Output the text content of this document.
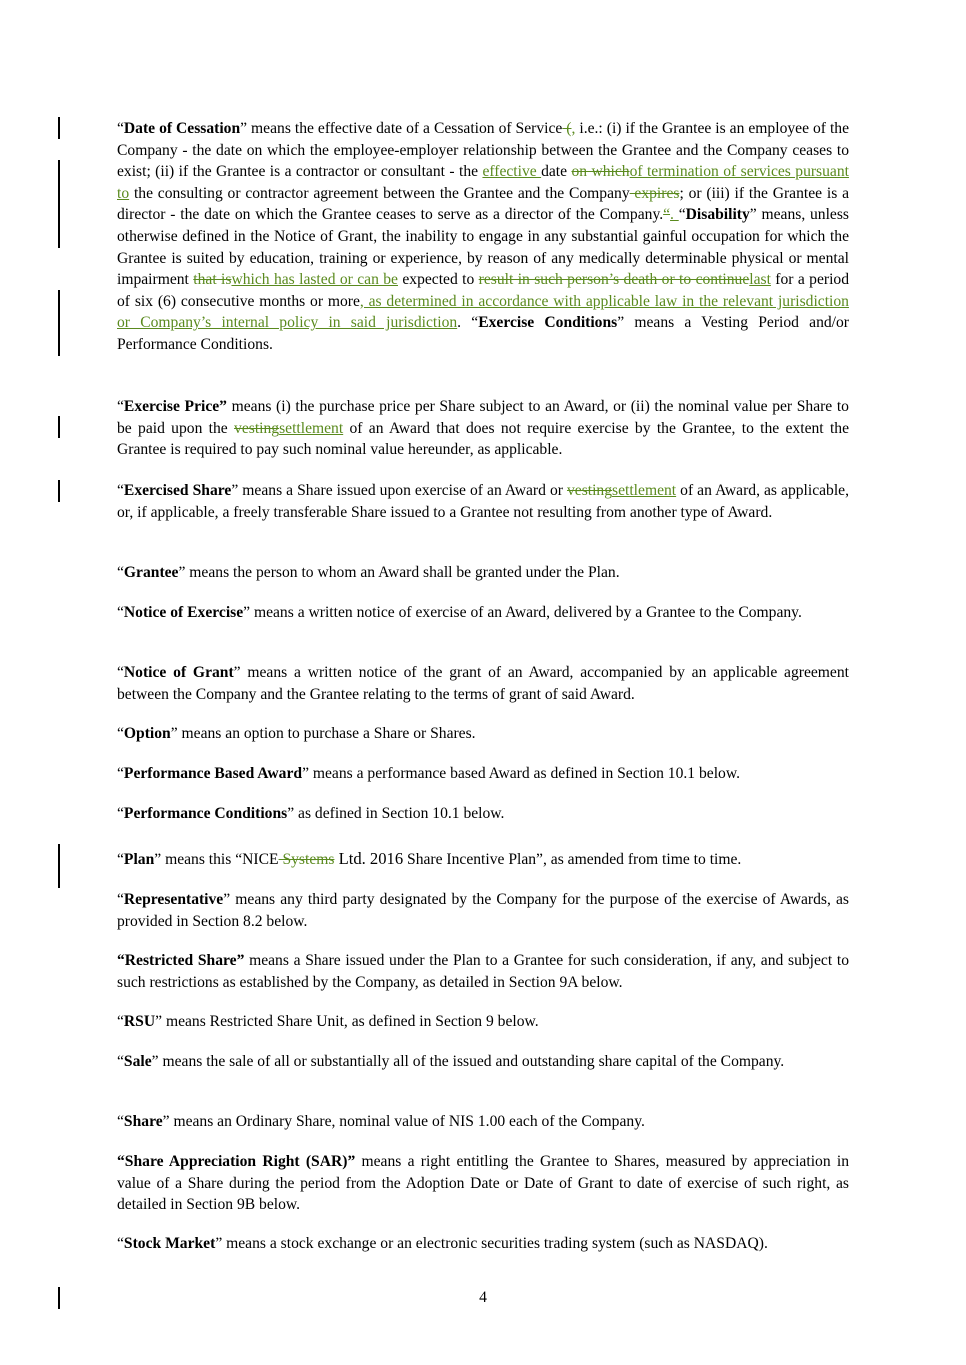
“Date of Cessation” means the effective date of a Cessation of Service (, i.e.: (i) if the Grantee is an employee of the Company - the date on which the employee-employer relationship between the Grantee and the Company ceases to exist; (ii) if the Grantee is a contractor or consultant - the effective date on whichof termination of services pursuant to the consulting or contractor agreement between the Grantee and the Company expires; or (iii) if the Grantee is a director - the date on which the Grantee ceases to serve as a director of the Company.“. “Disability” means, unless otherwise defined in the Notice of Grant, the inability to engage in any substantial gainful occupation for which the Grantee is suited by education, training or experience, by reason of any medically determinable physical or mental impairment that iswhich has lasted or can be expected to result in such person’s death or to continuelast for a period of six (6) consecutive months or more, as determined in accordance with applicable law in the relevant jurisdiction or Company’s internal policy in said jurisdiction. “Exercise Conditions” means a Vesting Period and/or Performance Conditions.

“Exercise Price” means (i) the purchase price per Share subject to an Award, or (ii) the nominal value per Share to be paid upon the vestingsettlement of an Award that does not require exercise by the Grantee, to the extent the Grantee is required to pay such nominal value hereunder, as applicable.

“Exercised Share” means a Share issued upon exercise of an Award or vestingsettlement of an Award, as applicable, or, if applicable, a freely transferable Share issued to a Grantee not resulting from another type of Award.

“Grantee” means the person to whom an Award shall be granted under the Plan.

“Notice of Exercise” means a written notice of exercise of an Award, delivered by a Grantee to the Company.

“Notice of Grant” means a written notice of the grant of an Award, accompanied by an applicable agreement between the Company and the Grantee relating to the terms of grant of said Award.

“Option” means an option to purchase a Share or Shares.

“Performance Based Award” means a performance based Award as defined in Section 10.1 below.

“Performance Conditions” as defined in Section 10.1 below.

“Plan” means this “NICE Systems Ltd. 2016 Share Incentive Plan”, as amended from time to time.

“Representative” means any third party designated by the Company for the purpose of the exercise of Awards, as provided in Section 8.2 below.

“Restricted Share” means a Share issued under the Plan to a Grantee for such consideration, if any, and subject to such restrictions as established by the Company, as detailed in Section 9A below.

“RSU” means Restricted Share Unit, as defined in Section 9 below.

“Sale” means the sale of all or substantially all of the issued and outstanding share capital of the Company.

“Share” means an Ordinary Share, nominal value of NIS 1.00 each of the Company.

“Share Appreciation Right (SAR)” means a right entitling the Grantee to Shares, measured by appreciation in value of a Share during the period from the Adoption Date or Date of Grant to date of exercise of such right, as detailed in Section 9B below.

“Stock Market” means a stock exchange or an electronic securities trading system (such as NASDAQ).

4
